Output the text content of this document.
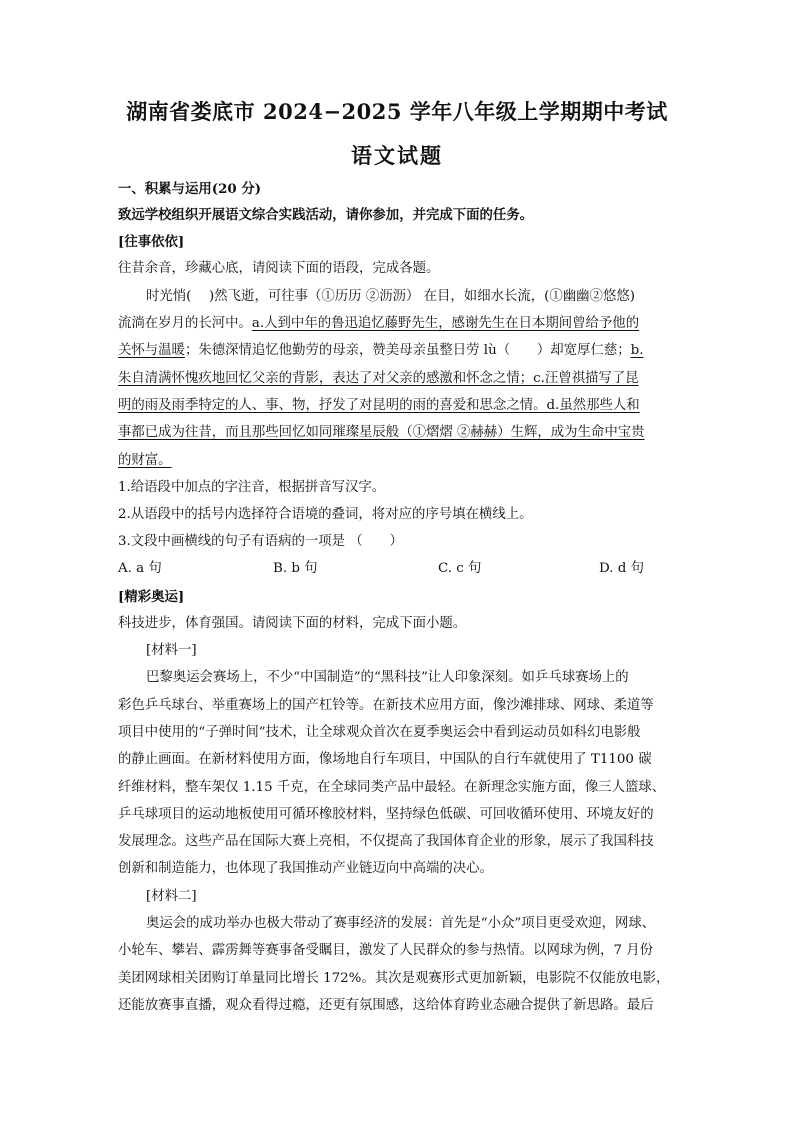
湖南省娄底市 2024−2025 学年八年级上学期期中考试
语文试题
一、积累与运用(20 分)
致远学校组织开展语文综合实践活动，请你参加，并完成下面的任务。
[往事依依]
往昔余音，珍藏心底，请阅读下面的语段，完成各题。
时光悄(　 )然飞逝，可往事（①历历 ②沥沥） 在目，如细水长流，(①幽幽②悠悠)
流淌在岁月的长河中。a.人到中年的鲁迅追忆藤野先生，感谢先生在日本期间曾给予他的
关怀与温暖；朱德深情追忆他勤劳的母亲，赞美母亲虽整日劳 lù（　　）却宽厚仁慈；b.
朱自清满怀愧疚地回忆父亲的背影，表达了对父亲的感激和怀念之情；c.汪曾祺描写了昆
明的雨及雨季特定的人、事、物，抒发了对昆明的雨的喜爱和思念之情。d.虽然那些人和
事都已成为往昔，而且那些回忆如同璀璨星辰般（①熠熠 ②赫赫）生辉，成为生命中宝贵
的财富。
1.给语段中加点的字注音，根据拼音写汉字。
2.从语段中的括号内选择符合语境的叠词，将对应的序号填在横线上。
3.文段中画横线的句子有语病的一项是 （　　）
A. a 句	B. b 句	C. c 句	D. d 句
[精彩奥运]
科技进步，体育强国。请阅读下面的材料，完成下面小题。
[材料一]
巴黎奥运会赛场上，不少“中国制造”的“黑科技”让人印象深刻。如乒乓球赛场上的
彩色乒乓球台、举重赛场上的国产杠铃等。在新技术应用方面，像沙滩排球、网球、柔道等
项目中使用的“子弹时间”技术，让全球观众首次在夏季奥运会中看到运动员如科幻电影般
的静止画面。在新材料使用方面，像场地自行车项目，中国队的自行车就使用了 T1100 碳
纤维材料，整车架仅 1.15 千克，在全球同类产品中最轻。在新理念实施方面，像三人篮球、
乒乓球项目的运动地板使用可循环橡胶材料，坚持绿色低碳、可回收循环使用、环境友好的
发展理念。这些产品在国际大赛上亮相，不仅提高了我国体育企业的形象，展示了我国科技
创新和制造能力，也体现了我国推动产业链迈向中高端的决心。
[材料二]
奥运会的成功举办也极大带动了赛事经济的发展：首先是“小众”项目更受欢迎，网球、
小轮车、攀岩、霹雳舞等赛事备受瞩目，激发了人民群众的参与热情。以网球为例，7 月份
美团网球相关团购订单量同比增长 172%。其次是观赛形式更加新颖，电影院不仅能放电影，
还能放赛事直播，观众看得过瘾，还更有氛围感，这给体育跨业态融合提供了新思路。最后
